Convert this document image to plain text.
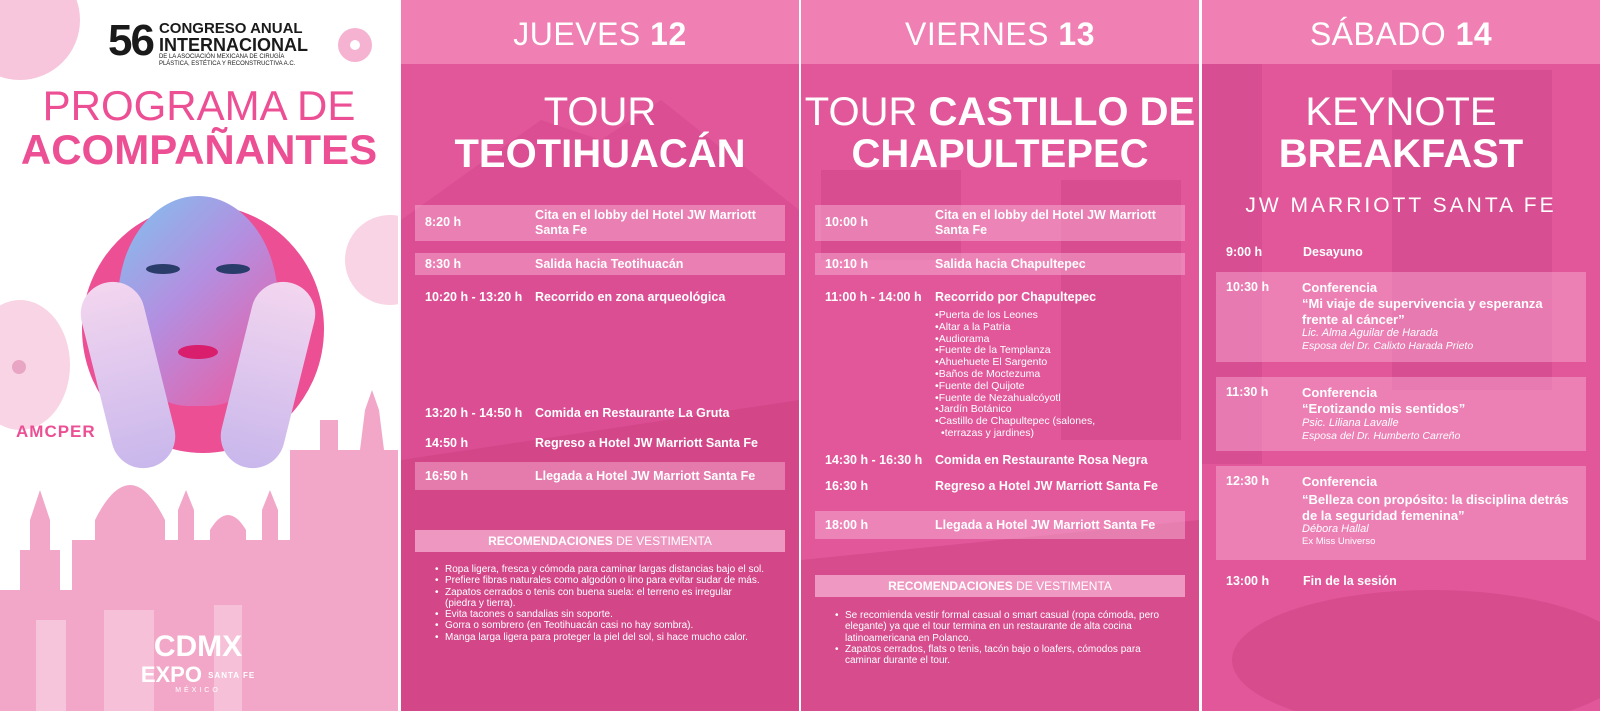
56 CONGRESO ANUAL
INTERNACIONAL
DE LA ASOCIACIÓN MEXICANA DE CIRUGÍA PLÁSTICA, ESTÉTICA Y RECONSTRUCTIVA A.C.
PROGRAMA DE
ACOMPAÑANTES
AMCPER
CDMX
EXPO SANTA FE
MÉXICO
JUEVES 12
TOUR
TEOTIHUACÁN
8:20 h	Cita en el lobby del Hotel JW Marriott Santa Fe
8:30 h	Salida hacia Teotihuacán
10:20 h - 13:20 h Recorrido en zona arqueológica
13:20 h - 14:50 h Comida en Restaurante La Gruta
14:50 h	Regreso a Hotel JW Marriott Santa Fe
16:50 h	Llegada a Hotel JW Marriott Santa Fe
RECOMENDACIONES DE VESTIMENTA
• Ropa ligera, fresca y cómoda para caminar largas distancias bajo el sol.
• Prefiere fibras naturales como algodón o lino para evitar sudar de más.
• Zapatos cerrados o tenis con buena suela: el terreno es irregular (piedra y tierra).
• Evita tacones o sandalias sin soporte.
• Gorra o sombrero (en Teotihuacán casi no hay sombra).
• Manga larga ligera para proteger la piel del sol, si hace mucho calor.
VIERNES 13
TOUR CASTILLO DE
CHAPULTEPEC
10:00 h	Cita en el lobby del Hotel JW Marriott Santa Fe
10:10 h	Salida hacia Chapultepec
11:00 h - 14:00 h Recorrido por Chapultepec
• Puerta de los Leones
• Altar a la Patria
• Audiorama
• Fuente de la Templanza
• Ahuehuete El Sargento
• Baños de Moctezuma
• Fuente del Quijote
• Fuente de Nezahualcóyotl
• Jardín Botánico
• Castillo de Chapultepec (salones,
• terrazas y jardines)
14:30 h - 16:30 h Comida en Restaurante Rosa Negra
16:30 h	Regreso a Hotel JW Marriott Santa Fe
18:00 h	Llegada a Hotel JW Marriott Santa Fe
RECOMENDACIONES DE VESTIMENTA
• Se recomienda vestir formal casual o smart casual (ropa cómoda, pero elegante) ya que el tour termina en un restaurante de alta cocina latinoamericana en Polanco.
• Zapatos cerrados, flats o tenis, tacón bajo o loafers, cómodos para caminar durante el tour.
SÁBADO 14
KEYNOTE
BREAKFAST
JW MARRIOTT SANTA FE
9:00 h	Desayuno
10:30 h	Conferencia
“Mi viaje de supervivencia y esperanza frente al cáncer”
Lic. Alma Aguilar de Harada
Esposa del Dr. Calixto Harada Prieto
11:30 h	Conferencia
“Erotizando mis sentidos”
Psic. Liliana Lavalle
Esposa del Dr. Humberto Carreño
12:30 h	Conferencia
“Belleza con propósito: la disciplina detrás de la seguridad femenina”
Débora Hallal
Ex Miss Universo
13:00 h	Fin de la sesión
